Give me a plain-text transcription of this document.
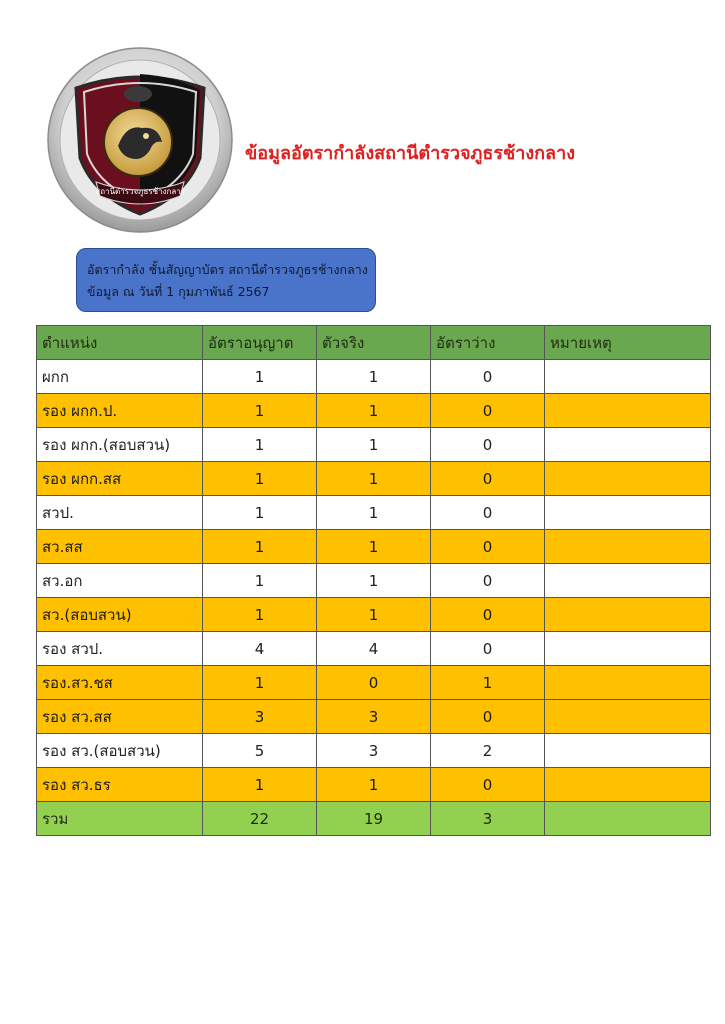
สถานีตำรวจภูธรช้างกลาง
ข้อมูลอัตรากำลังสถานีตำรวจภูธรช้างกลาง
อัตรากำลัง ชั้นสัญญาบัตร สถานีตำรวจภูธรช้างกลาง
ข้อมูล ณ วันที่ 1 กุมภาพันธ์ 2567
ตำแหน่ง	อัตราอนุญาต	ตัวจริง	อัตราว่าง	หมายเหตุ
ผกก	1	1	0	
รอง ผกก.ป.	1	1	0	
รอง ผกก.(สอบสวน)	1	1	0	
รอง ผกก.สส	1	1	0	
สวป.	1	1	0	
สว.สส	1	1	0	
สว.อก	1	1	0	
สว.(สอบสวน)	1	1	0	
รอง สวป.	4	4	0	
รอง.สว.ชส	1	0	1	
รอง สว.สส	3	3	0	
รอง สว.(สอบสวน)	5	3	2	
รอง สว.ธร	1	1	0	
รวม	22	19	3	
